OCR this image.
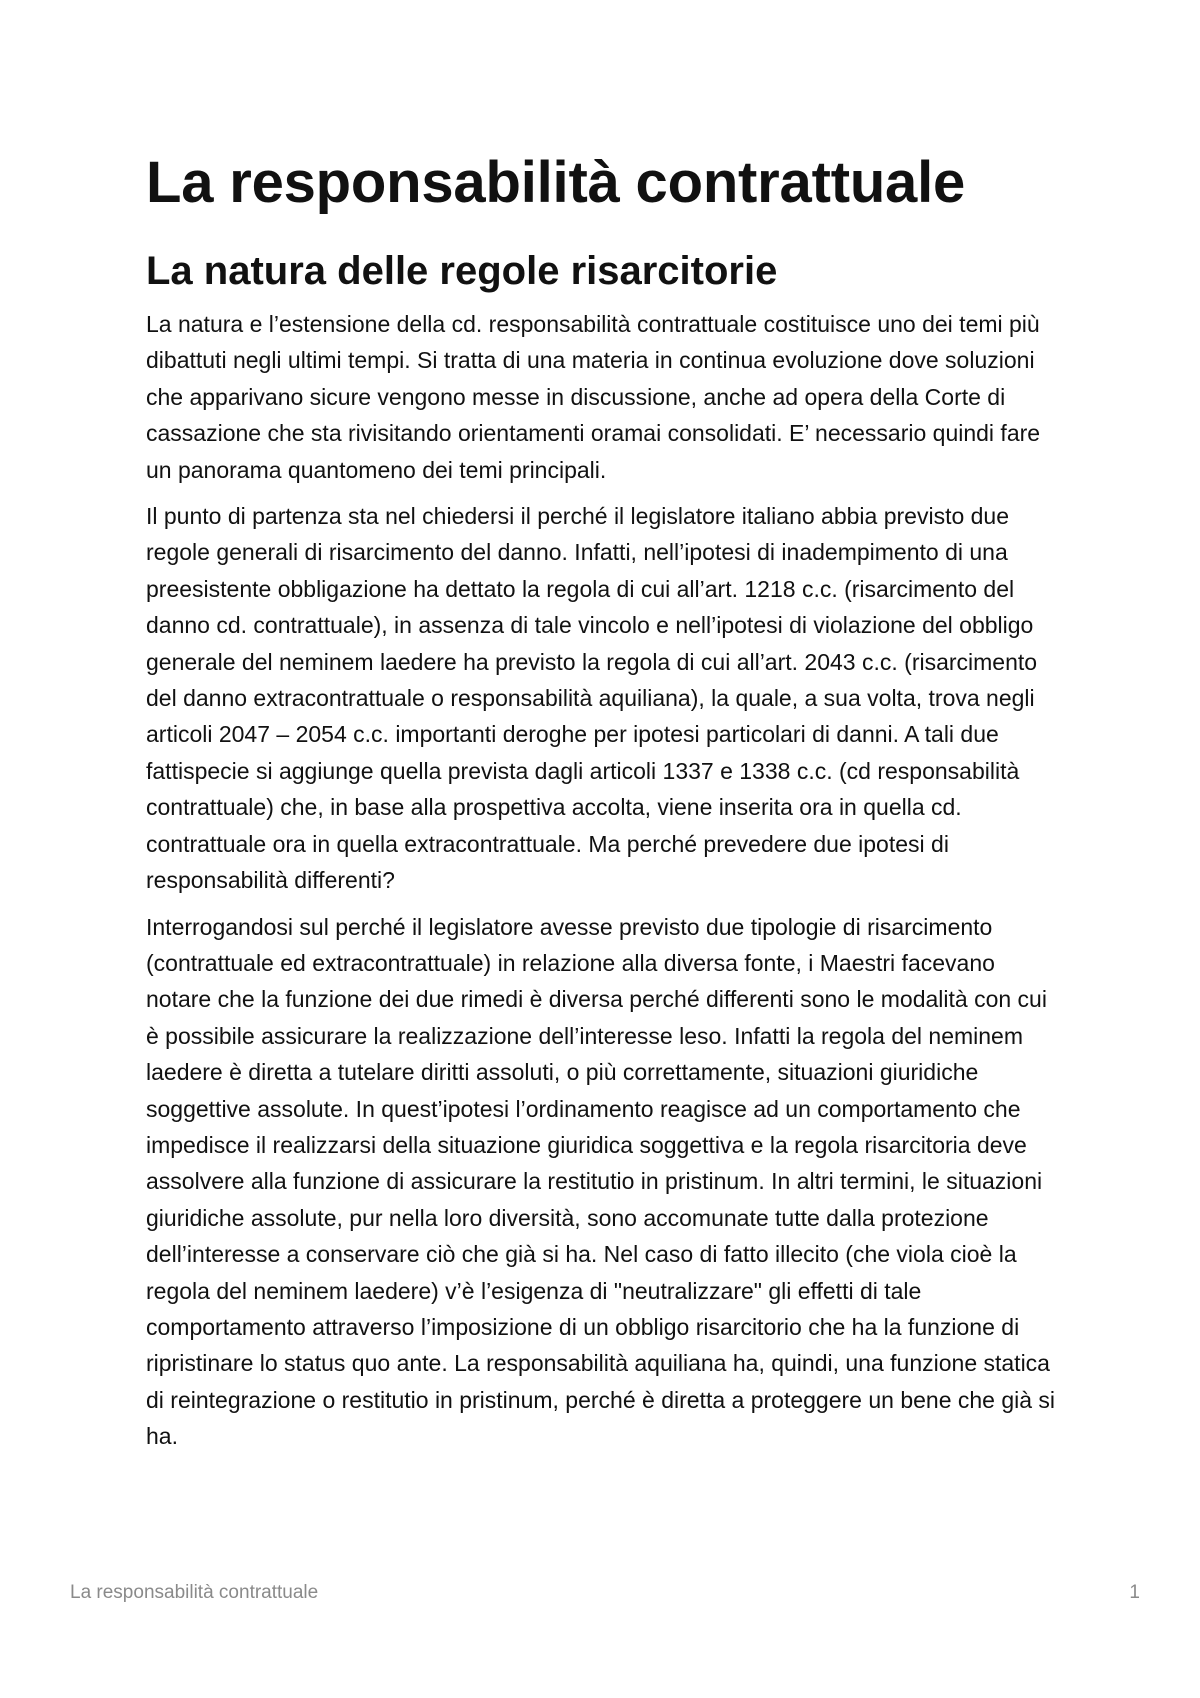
La responsabilità contrattuale
La natura delle regole risarcitorie

La natura e l’estensione della cd. responsabilità contrattuale costituisce uno dei temi più dibattuti negli ultimi tempi. Si tratta di una materia in continua evoluzione dove soluzioni che apparivano sicure vengono messe in discussione, anche ad opera della Corte di cassazione che sta rivisitando orientamenti oramai consolidati. E’ necessario quindi fare un panorama quantomeno dei temi principali.

Il punto di partenza sta nel chiedersi il perché il legislatore italiano abbia previsto due regole generali di risarcimento del danno. Infatti, nell’ipotesi di inadempimento di una preesistente obbligazione ha dettato la regola di cui all’art. 1218 c.c. (risarcimento del danno cd. contrattuale), in assenza di tale vincolo e nell’ipotesi di violazione del obbligo generale del neminem laedere ha previsto la regola di cui all’art. 2043 c.c. (risarcimento del danno extracontrattuale o responsabilità aquiliana), la quale, a sua volta, trova negli articoli 2047 – 2054 c.c. importanti deroghe per ipotesi particolari di danni. A tali due fattispecie si aggiunge quella prevista dagli articoli 1337 e 1338 c.c. (cd responsabilità contrattuale) che, in base alla prospettiva accolta, viene inserita ora in quella cd. contrattuale ora in quella extracontrattuale. Ma perché prevedere due ipotesi di responsabilità differenti?

Interrogandosi sul perché il legislatore avesse previsto due tipologie di risarcimento (contrattuale ed extracontrattuale) in relazione alla diversa fonte, i Maestri facevano notare che la funzione dei due rimedi è diversa perché differenti sono le modalità con cui è possibile assicurare la realizzazione dell’interesse leso. Infatti la regola del neminem laedere è diretta a tutelare diritti assoluti, o più correttamente, situazioni giuridiche soggettive assolute. In quest’ipotesi l’ordinamento reagisce ad un comportamento che impedisce il realizzarsi della situazione giuridica soggettiva e la regola risarcitoria deve assolvere alla funzione di assicurare la restitutio in pristinum. In altri termini, le situazioni giuridiche assolute, pur nella loro diversità, sono accomunate tutte dalla protezione dell’interesse a conservare ciò che già si ha. Nel caso di fatto illecito (che viola cioè la regola del neminem laedere) v’è l’esigenza di "neutralizzare" gli effetti di tale comportamento attraverso l’imposizione di un obbligo risarcitorio che ha la funzione di ripristinare lo status quo ante. La responsabilità aquiliana ha, quindi, una funzione statica di reintegrazione o restitutio in pristinum, perché è diretta a proteggere un bene che già si ha.

La responsabilità contrattuale	1
